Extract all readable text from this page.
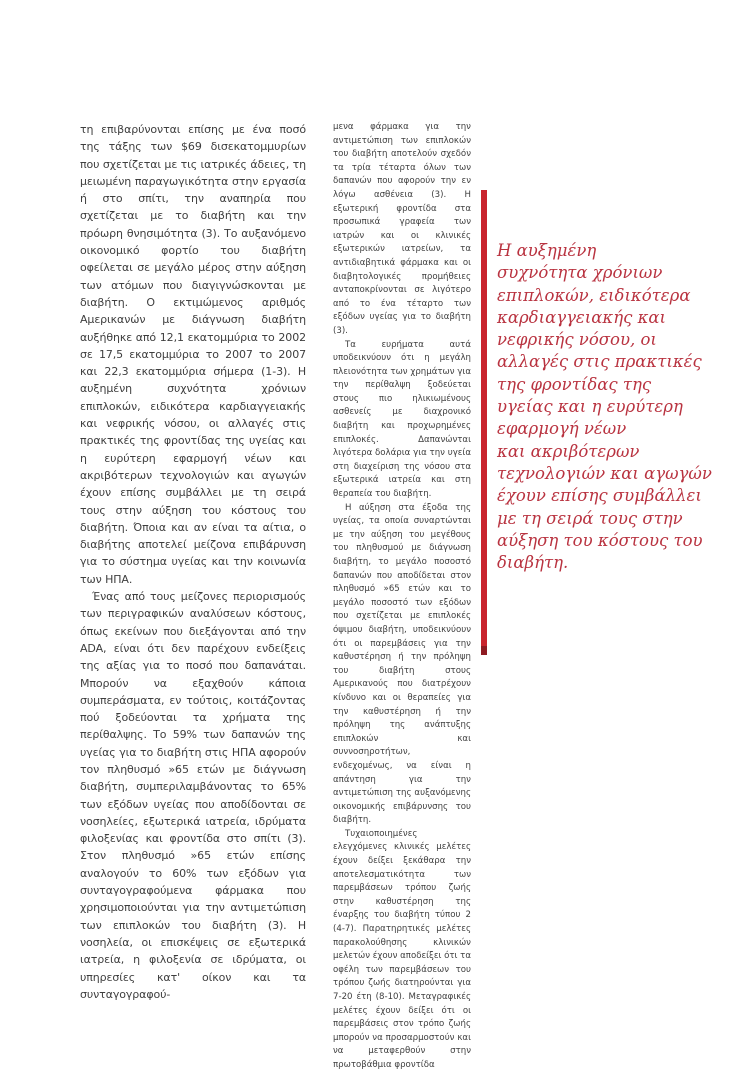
τη επιβαρύνονται επίσης με ένα ποσό της τάξης των $69 δισεκατομμυρίων που σχετίζεται με τις ιατρικές άδειες, τη μειωμένη παραγωγικότητα στην εργασία ή στο σπίτι, την αναπηρία που σχετίζεται με το διαβήτη και την πρόωρη θνησιμότητα (3). Το αυξανόμενο οικονομικό φορτίο του διαβήτη οφείλεται σε μεγάλο μέρος στην αύξηση των ατόμων που διαγιγνώσκονται με διαβήτη. Ο εκτιμώμενος αριθμός Αμερικανών με διάγνωση διαβήτη αυξήθηκε από 12,1 εκατομμύρια το 2002 σε 17,5 εκατομμύρια το 2007 το 2007 και 22,3 εκατομμύρια σήμερα (1-3). Η αυξημένη συχνότητα χρόνιων επιπλοκών, ειδικότερα καρδιαγγειακής και νεφρικής νόσου, οι αλλαγές στις πρακτικές της φροντίδας της υγείας και η ευρύτερη εφαρμογή νέων και ακριβότερων τεχνολογιών και αγωγών έχουν επίσης συμβάλλει με τη σειρά τους στην αύξηση του κόστους του διαβήτη. Όποια και αν είναι τα αίτια, ο διαβήτης αποτελεί μείζονα επιβάρυνση για το σύστημα υγείας και την κοινωνία των ΗΠΑ.

Ένας από τους μείζονες περιορισμούς των περιγραφικών αναλύσεων κόστους, όπως εκείνων που διεξάγονται από την ADA, είναι ότι δεν παρέχουν ενδείξεις της αξίας για το ποσό που δαπανάται. Μπορούν να εξαχθούν κάποια συμπεράσματα, εν τούτοις, κοιτάζοντας πού ξοδεύονται τα χρήματα της περίθαλψης. Το 59% των δαπανών της υγείας για το διαβήτη στις ΗΠΑ αφορούν τον πληθυσμό »65 ετών με διάγνωση διαβήτη, συμπεριλαμβάνοντας το 65% των εξόδων υγείας που αποδίδονται σε νοσηλείες, εξωτερικά ιατρεία, ιδρύματα φιλοξενίας και φροντίδα στο σπίτι (3). Στον πληθυσμό »65 ετών επίσης αναλογούν το 60% των εξόδων για συνταγογραφούμενα φάρμακα που χρησιμοποιούνται για την αντιμετώπιση των επιπλοκών του διαβήτη (3). Η νοσηλεία, οι επισκέψεις σε εξωτερικά ιατρεία, η φιλοξενία σε ιδρύματα, οι υπηρεσίες κατ' οίκον και τα συνταγογραφού-

μενα φάρμακα για την αντιμετώπιση των επιπλοκών του διαβήτη αποτελούν σχεδόν τα τρία τέταρτα όλων των δαπανών που αφορούν την εν λόγω ασθένεια (3). Η εξωτερική φροντίδα στα προσωπικά γραφεία των ιατρών και οι κλινικές εξωτερικών ιατρείων, τα αντιδιαβητικά φάρμακα και οι διαβητολογικές προμήθειες ανταποκρίνονται σε λιγότερο από το ένα τέταρτο των εξόδων υγείας για το διαβήτη (3).

Τα ευρήματα αυτά υποδεικνύουν ότι η μεγάλη πλειονότητα των χρημάτων για την περίθαλψη ξοδεύεται στους πιο ηλικιωμένους ασθενείς με διαχρονικό διαβήτη και προχωρημένες επιπλοκές. Δαπανώνται λιγότερα δολάρια για την υγεία στη διαχείριση της νόσου στα εξωτερικά ιατρεία και στη θεραπεία του διαβήτη.

Η αύξηση στα έξοδα της υγείας, τα οποία συναρτώνται με την αύξηση του μεγέθους του πληθυσμού με διάγνωση διαβήτη, το μεγάλο ποσοστό δαπανών που αποδίδεται στον πληθυσμό »65 ετών και το μεγάλο ποσοστό των εξόδων που σχετίζεται με επιπλοκές όψιμου διαβήτη, υποδεικνύουν ότι οι παρεμβάσεις για την καθυστέρηση ή την πρόληψη του διαβήτη στους Αμερικανούς που διατρέχουν κίνδυνο και οι θεραπείες για την καθυστέρηση ή την πρόληψη της ανάπτυξης επιπλοκών και συννοσηροτήτων, ενδεχομένως, να είναι η απάντηση για την αντιμετώπιση της αυξανόμενης οικονομικής επιβάρυνσης του διαβήτη.

Τυχαιοποιημένες ελεγχόμενες κλινικές μελέτες έχουν δείξει ξεκάθαρα την αποτελεσματικότητα των παρεμβάσεων τρόπου ζωής στην καθυστέρηση της έναρξης του διαβήτη τύπου 2 (4-7). Παρατηρητικές μελέτες παρακολούθησης κλινικών μελετών έχουν αποδείξει ότι τα οφέλη των παρεμβάσεων του τρόπου ζωής διατηρούνται για 7-20 έτη (8-10). Μεταγραφικές μελέτες έχουν δείξει ότι οι παρεμβάσεις στον τρόπο ζωής μπορούν να προσαρμοστούν και να μεταφερθούν στην πρωτοβάθμια φροντίδα

Η αυξημένη
συχνότητα χρόνιων
επιπλοκών, ειδικότερα
καρδιαγγειακής και
νεφρικής νόσου, οι
αλλαγές στις πρακτικές
της φροντίδας της
υγείας και η ευρύτερη
εφαρμογή νέων
και ακριβότερων
τεχνολογιών και αγωγών
έχουν επίσης συμβάλλει
με τη σειρά τους στην
αύξηση του κόστους του
διαβήτη.
